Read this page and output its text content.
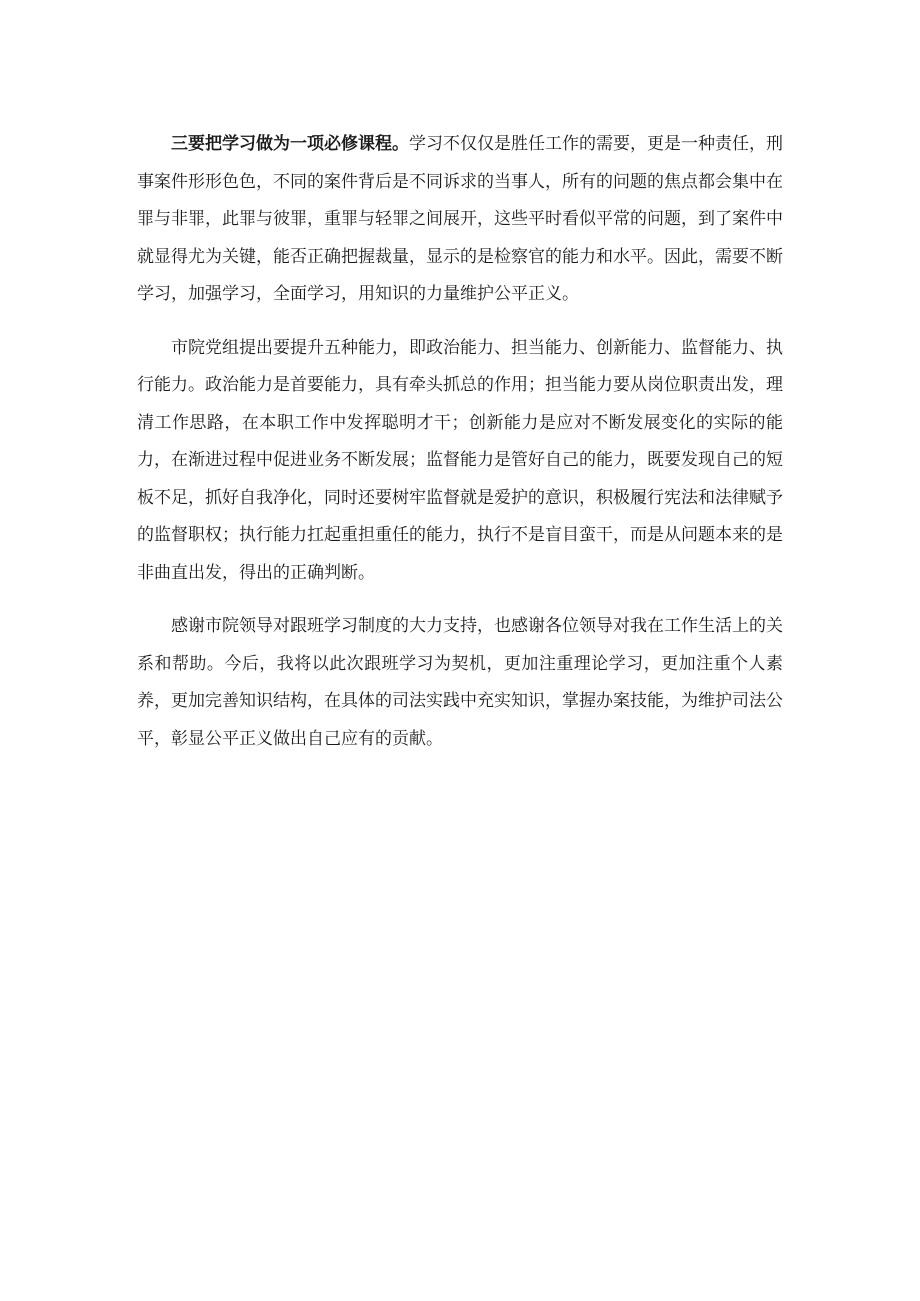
三要把学习做为一项必修课程。学习不仅仅是胜任工作的需要，更是一种责任，刑事案件形形色色，不同的案件背后是不同诉求的当事人，所有的问题的焦点都会集中在罪与非罪，此罪与彼罪，重罪与轻罪之间展开，这些平时看似平常的问题，到了案件中就显得尤为关键，能否正确把握裁量，显示的是检察官的能力和水平。因此，需要不断学习，加强学习，全面学习，用知识的力量维护公平正义。

市院党组提出要提升五种能力，即政治能力、担当能力、创新能力、监督能力、执行能力。政治能力是首要能力，具有牵头抓总的作用；担当能力要从岗位职责出发，理清工作思路，在本职工作中发挥聪明才干；创新能力是应对不断发展变化的实际的能力，在渐进过程中促进业务不断发展；监督能力是管好自己的能力，既要发现自己的短板不足，抓好自我净化，同时还要树牢监督就是爱护的意识，积极履行宪法和法律赋予的监督职权；执行能力扛起重担重任的能力，执行不是盲目蛮干，而是从问题本来的是非曲直出发，得出的正确判断。

感谢市院领导对跟班学习制度的大力支持，也感谢各位领导对我在工作生活上的关系和帮助。今后，我将以此次跟班学习为契机，更加注重理论学习，更加注重个人素养，更加完善知识结构，在具体的司法实践中充实知识，掌握办案技能，为维护司法公平，彰显公平正义做出自己应有的贡献。
